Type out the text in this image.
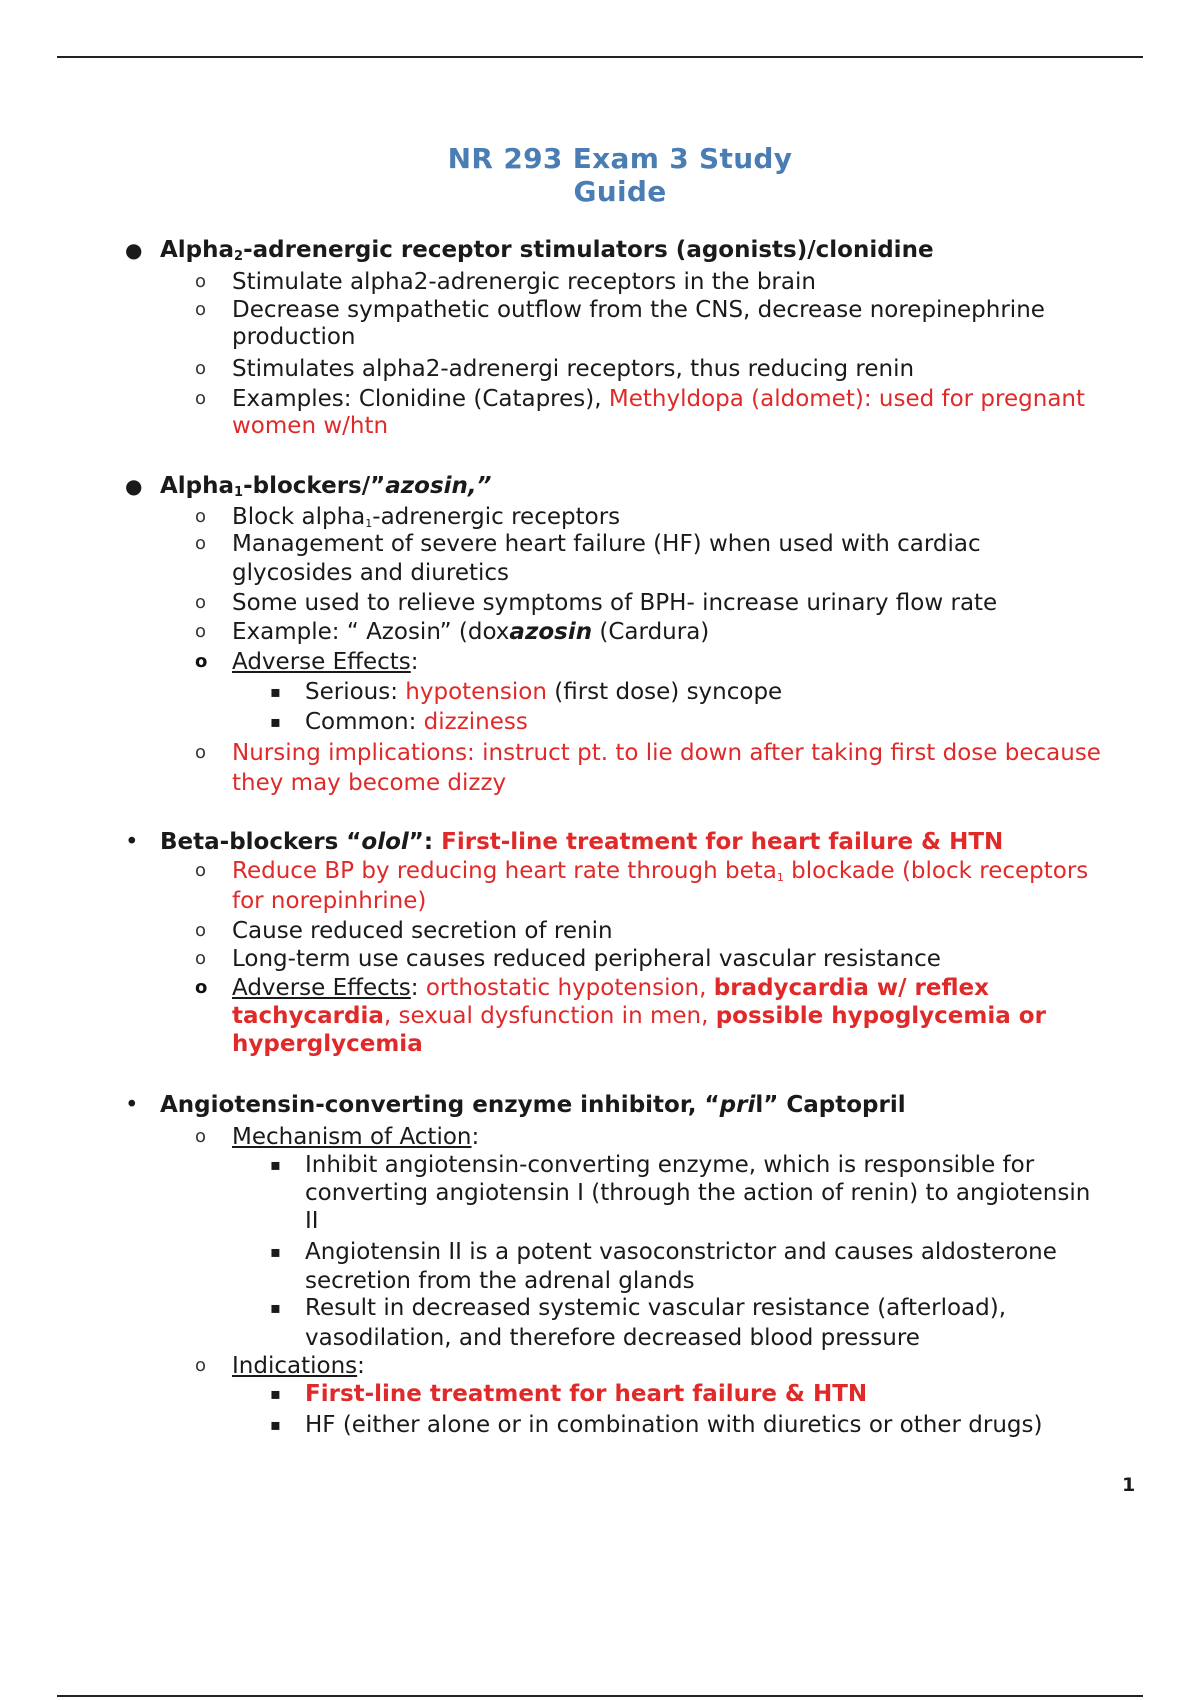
NR 293 Exam 3 Study
Guide
● Alpha$_2$-adrenergic receptor stimulators (agonists)/clonidine
o Stimulate alpha2-adrenergic receptors in the brain
o Decrease sympathetic outflow from the CNS, decrease norepinephrine
production
o Stimulates alpha2-adrenergi receptors, thus reducing renin
o Examples: Clonidine (Catapres), Methyldopa (aldomet): used for pregnant
women w/htn
● Alpha$_1$-blockers/”azosin,”
o Block alpha$_1$-adrenergic receptors
o Management of severe heart failure (HF) when used with cardiac
glycosides and diuretics
o Some used to relieve symptoms of BPH- increase urinary flow rate
o Example: “ Azosin” (doxazosin (Cardura)
o Adverse Effects:
▪ Serious: hypotension (first dose) syncope
▪ Common: dizziness
o Nursing implications: instruct pt. to lie down after taking first dose because
they may become dizzy
• Beta-blockers “olol”: First-line treatment for heart failure & HTN
o Reduce BP by reducing heart rate through beta$_1$ blockade (block receptors
for norepinhrine)
o Cause reduced secretion of renin
o Long-term use causes reduced peripheral vascular resistance
o Adverse Effects: orthostatic hypotension, bradycardia w/ reflex
tachycardia, sexual dysfunction in men, possible hypoglycemia or
hyperglycemia
• Angiotensin-converting enzyme inhibitor, “pril” Captopril
o Mechanism of Action:
▪ Inhibit angiotensin-converting enzyme, which is responsible for
converting angiotensin I (through the action of renin) to angiotensin
II
▪ Angiotensin II is a potent vasoconstrictor and causes aldosterone
secretion from the adrenal glands
▪ Result in decreased systemic vascular resistance (afterload),
vasodilation, and therefore decreased blood pressure
o Indications:
▪ First-line treatment for heart failure & HTN
▪ HF (either alone or in combination with diuretics or other drugs)
1
